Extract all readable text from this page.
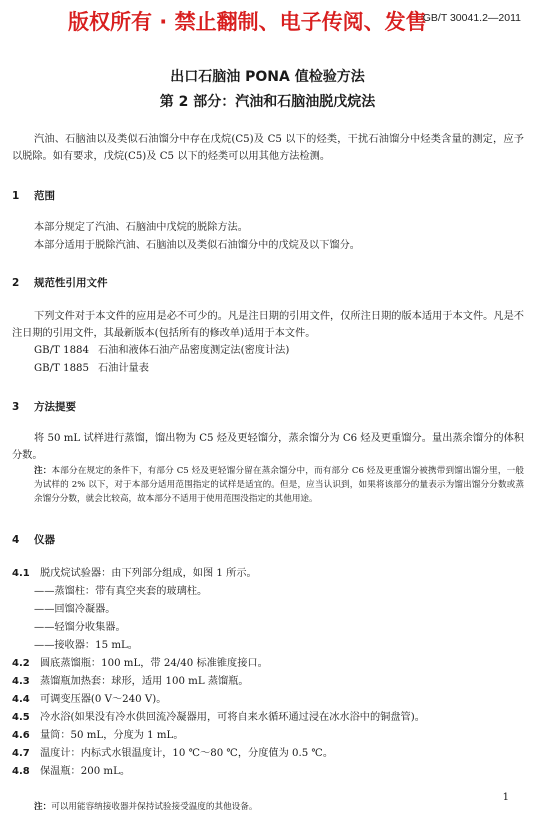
版权所有 · 禁止翻制、电子传阅、发售
GB/T 30041.2—2011
出口石脑油 PONA 值检验方法
第 2 部分：汽油和石脑油脱戊烷法
汽油、石脑油以及类似石油馏分中存在戊烷(C5)及 C5 以下的烃类，干扰石油馏分中烃类含量的测定，应予以脱除。如有要求，戊烷(C5)及 C5 以下的烃类可以用其他方法检测。
1 范围
本部分规定了汽油、石脑油中戊烷的脱除方法。
本部分适用于脱除汽油、石脑油以及类似石油馏分中的戊烷及以下馏分。
2 规范性引用文件
下列文件对于本文件的应用是必不可少的。凡是注日期的引用文件，仅所注日期的版本适用于本文件。凡是不注日期的引用文件，其最新版本(包括所有的修改单)适用于本文件。
GB/T 1884 石油和液体石油产品密度测定法(密度计法)
GB/T 1885 石油计量表
3 方法提要
将 50 mL 试样进行蒸馏，馏出物为 C5 烃及更轻馏分，蒸余馏分为 C6 烃及更重馏分。量出蒸余馏分的体积分数。
注：本部分在规定的条件下，有部分 C5 烃及更轻馏分留在蒸余馏分中，而有部分 C6 烃及更重馏分被携带到馏出馏分里，一般为试样的 2% 以下，对于本部分适用范围指定的试样是适宜的。但是，应当认识到，如果将该部分的量表示为馏出馏分分数或蒸余馏分分数，就会比较高，故本部分不适用于使用范围没指定的其他用途。
4 仪器
4.1 脱戊烷试验器：由下列部分组成，如图 1 所示。
——蒸馏柱：带有真空夹套的玻璃柱。
——回馏冷凝器。
——轻馏分收集器。
——接收器：15 mL。
4.2 圆底蒸馏瓶：100 mL，带 24/40 标准锥度接口。
4.3 蒸馏瓶加热套：球形，适用 100 mL 蒸馏瓶。
4.4 可调变压器(0 V～240 V)。
4.5 冷水浴(如果没有冷水供回流冷凝器用，可将自来水循环通过浸在冰水浴中的铜盘管)。
4.6 量筒：50 mL，分度为 1 mL。
4.7 温度计：内标式水银温度计，10 ℃～80 ℃，分度值为 0.5 ℃。
4.8 保温瓶：200 mL。
注：可以用能容纳接收器并保持试验接受温度的其他设备。
1
